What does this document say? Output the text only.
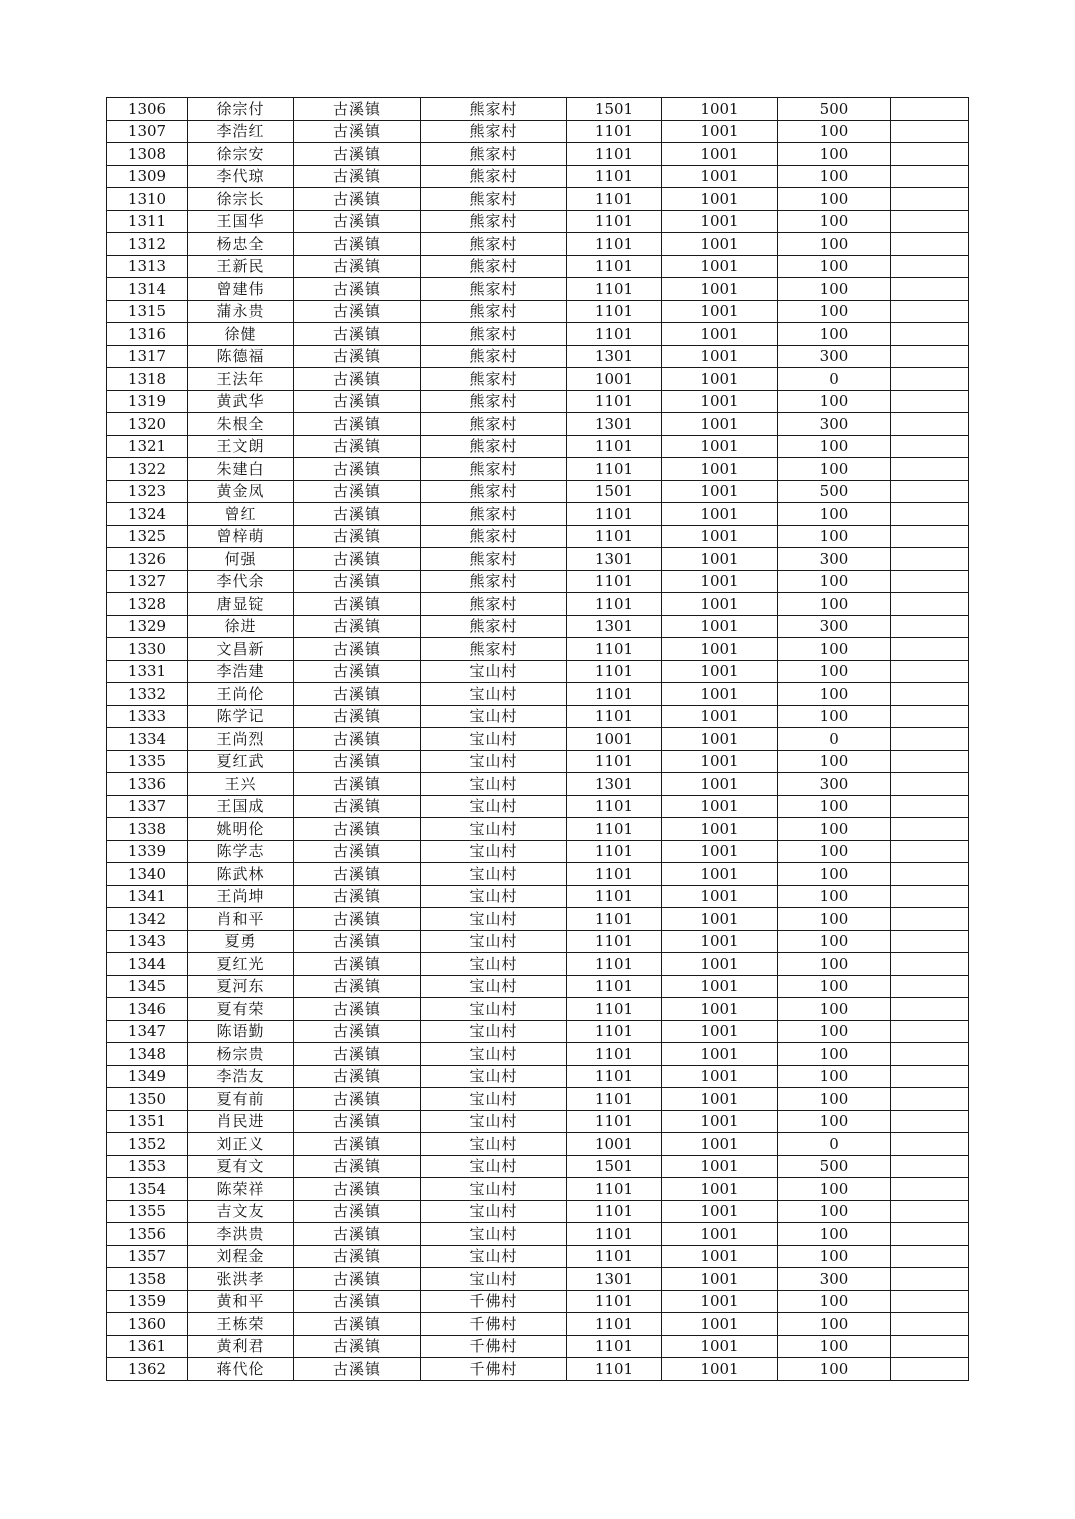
1306	徐宗付	古溪镇	熊家村	1501	1001	500	
1307	李浩红	古溪镇	熊家村	1101	1001	100	
1308	徐宗安	古溪镇	熊家村	1101	1001	100	
1309	李代琼	古溪镇	熊家村	1101	1001	100	
1310	徐宗长	古溪镇	熊家村	1101	1001	100	
1311	王国华	古溪镇	熊家村	1101	1001	100	
1312	杨忠全	古溪镇	熊家村	1101	1001	100	
1313	王新民	古溪镇	熊家村	1101	1001	100	
1314	曾建伟	古溪镇	熊家村	1101	1001	100	
1315	蒲永贵	古溪镇	熊家村	1101	1001	100	
1316	徐健	古溪镇	熊家村	1101	1001	100	
1317	陈德福	古溪镇	熊家村	1301	1001	300	
1318	王法年	古溪镇	熊家村	1001	1001	0	
1319	黄武华	古溪镇	熊家村	1101	1001	100	
1320	朱根全	古溪镇	熊家村	1301	1001	300	
1321	王文朗	古溪镇	熊家村	1101	1001	100	
1322	朱建白	古溪镇	熊家村	1101	1001	100	
1323	黄金凤	古溪镇	熊家村	1501	1001	500	
1324	曾红	古溪镇	熊家村	1101	1001	100	
1325	曾梓萌	古溪镇	熊家村	1101	1001	100	
1326	何强	古溪镇	熊家村	1301	1001	300	
1327	李代余	古溪镇	熊家村	1101	1001	100	
1328	唐显锭	古溪镇	熊家村	1101	1001	100	
1329	徐进	古溪镇	熊家村	1301	1001	300	
1330	文昌新	古溪镇	熊家村	1101	1001	100	
1331	李浩建	古溪镇	宝山村	1101	1001	100	
1332	王尚伦	古溪镇	宝山村	1101	1001	100	
1333	陈学记	古溪镇	宝山村	1101	1001	100	
1334	王尚烈	古溪镇	宝山村	1001	1001	0	
1335	夏红武	古溪镇	宝山村	1101	1001	100	
1336	王兴	古溪镇	宝山村	1301	1001	300	
1337	王国成	古溪镇	宝山村	1101	1001	100	
1338	姚明伦	古溪镇	宝山村	1101	1001	100	
1339	陈学志	古溪镇	宝山村	1101	1001	100	
1340	陈武林	古溪镇	宝山村	1101	1001	100	
1341	王尚坤	古溪镇	宝山村	1101	1001	100	
1342	肖和平	古溪镇	宝山村	1101	1001	100	
1343	夏勇	古溪镇	宝山村	1101	1001	100	
1344	夏红光	古溪镇	宝山村	1101	1001	100	
1345	夏河东	古溪镇	宝山村	1101	1001	100	
1346	夏有荣	古溪镇	宝山村	1101	1001	100	
1347	陈语勤	古溪镇	宝山村	1101	1001	100	
1348	杨宗贵	古溪镇	宝山村	1101	1001	100	
1349	李浩友	古溪镇	宝山村	1101	1001	100	
1350	夏有前	古溪镇	宝山村	1101	1001	100	
1351	肖民进	古溪镇	宝山村	1101	1001	100	
1352	刘正义	古溪镇	宝山村	1001	1001	0	
1353	夏有文	古溪镇	宝山村	1501	1001	500	
1354	陈荣祥	古溪镇	宝山村	1101	1001	100	
1355	吉文友	古溪镇	宝山村	1101	1001	100	
1356	李洪贵	古溪镇	宝山村	1101	1001	100	
1357	刘程金	古溪镇	宝山村	1101	1001	100	
1358	张洪孝	古溪镇	宝山村	1301	1001	300	
1359	黄和平	古溪镇	千佛村	1101	1001	100	
1360	王栋荣	古溪镇	千佛村	1101	1001	100	
1361	黄利君	古溪镇	千佛村	1101	1001	100	
1362	蒋代伦	古溪镇	千佛村	1101	1001	100	
